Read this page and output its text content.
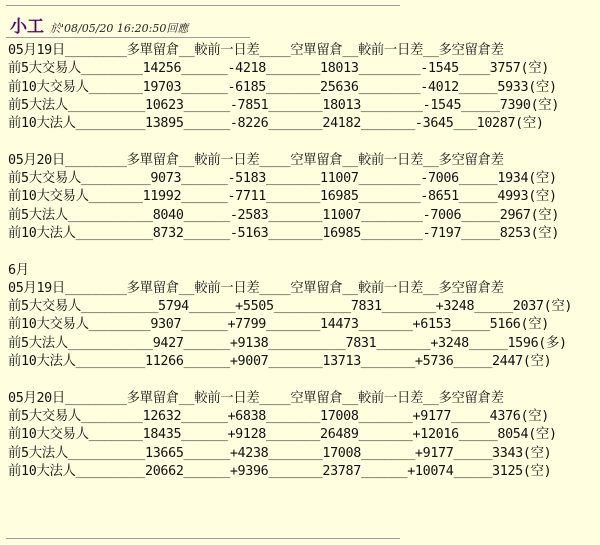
小工 於'08/05/20 16:20:50回應
05月19日________多單留倉__較前一日差____空單留倉__較前一日差__多空留倉差
前5大交易人________14256______-4218_______18013________-1545____3757(空)
前10大交易人_______19703______-6185_______25636________-4012_____5933(空)
前5大法人__________10623______-7851_______18013________-1545_____7390(空)
前10大法人_________13895______-8226_______24182_______-3645___10287(空)
05月20日________多單留倉__較前一日差____空單留倉__較前一日差__多空留倉差
前5大交易人_________9073______-5183_______11007________-7006_____1934(空)
前10大交易人_______11992______-7711_______16985________-8651_____4993(空)
前5大法人___________8040______-2583_______11007________-7006_____2967(空)
前10大法人__________8732______-5163_______16985________-7197_____8253(空)
6月
05月19日________多單留倉__較前一日差____空單留倉__較前一日差__多空留倉差
前5大交易人__________5794______+5505__________7831_______+3248_____2037(空)
前10大交易人________9307______+7799_______14473_______+6153_____5166(空)
前5大法人___________9427______+9138__________7831_______+3248_____1596(多)
前10大法人_________11266______+9007_______13713_______+5736_____2447(空)
05月20日________多單留倉__較前一日差____空單留倉__較前一日差__多空留倉差
前5大交易人________12632______+6838_______17008_______+9177_____4376(空)
前10大交易人_______18435______+9128_______26489_______+12016_____8054(空)
前5大法人__________13665______+4238_______17008_______+9177_____3343(空)
前10大法人_________20662______+9396_______23787______+10074_____3125(空)
